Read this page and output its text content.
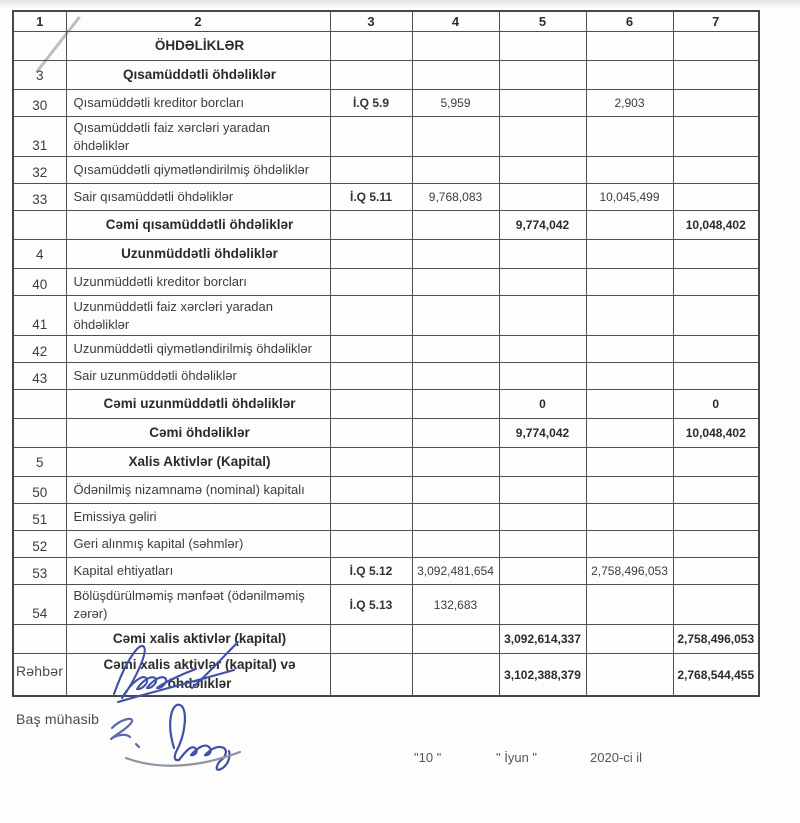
1	2	3	4	5	6	7
	ÖHDƏLİKLƏR					
3	Qısamüddətli öhdəliklər					
30	Qısamüddətli kreditor borcları	İ.Q 5.9	5,959		2,903	
31	Qısamüddətli faiz xərcləri yaradan öhdəliklər					
32	Qısamüddətli qiymətləndirilmiş öhdəliklər					
33	Sair qısamüddətli öhdəliklər	İ.Q 5.11	9,768,083		10,045,499	
	Cəmi qısamüddətli öhdəliklər			9,774,042		10,048,402
4	Uzunmüddətli öhdəliklər					
40	Uzunmüddətli kreditor borcları					
41	Uzunmüddətli faiz xərcləri yaradan öhdəliklər					
42	Uzunmüddətli qiymətləndirilmiş öhdəliklər					
43	Sair uzunmüddətli öhdəliklər					
	Cəmi uzunmüddətli öhdəliklər			0		0
	Cəmi öhdəliklər			9,774,042		10,048,402
5	Xalis Aktivlər (Kapital)					
50	Ödənilmiş nizamnamə (nominal) kapitalı					
51	Emissiya gəliri					
52	Geri alınmış kapital (səhmlər)					
53	Kapital ehtiyatları	İ.Q 5.12	3,092,481,654		2,758,496,053	
54	Bölüşdürülməmiş mənfəət (ödənilməmiş zərər)	İ.Q 5.13	132,683			
	Cəmi xalis aktivlər (kapital)			3,092,614,337		2,758,496,053
	Cəmi xalis aktivlər (kapital) və öhdəliklər			3,102,388,379		2,768,544,455
Rəhbər
Baş mühasib
"10 "	" İyun "	2020-ci il
